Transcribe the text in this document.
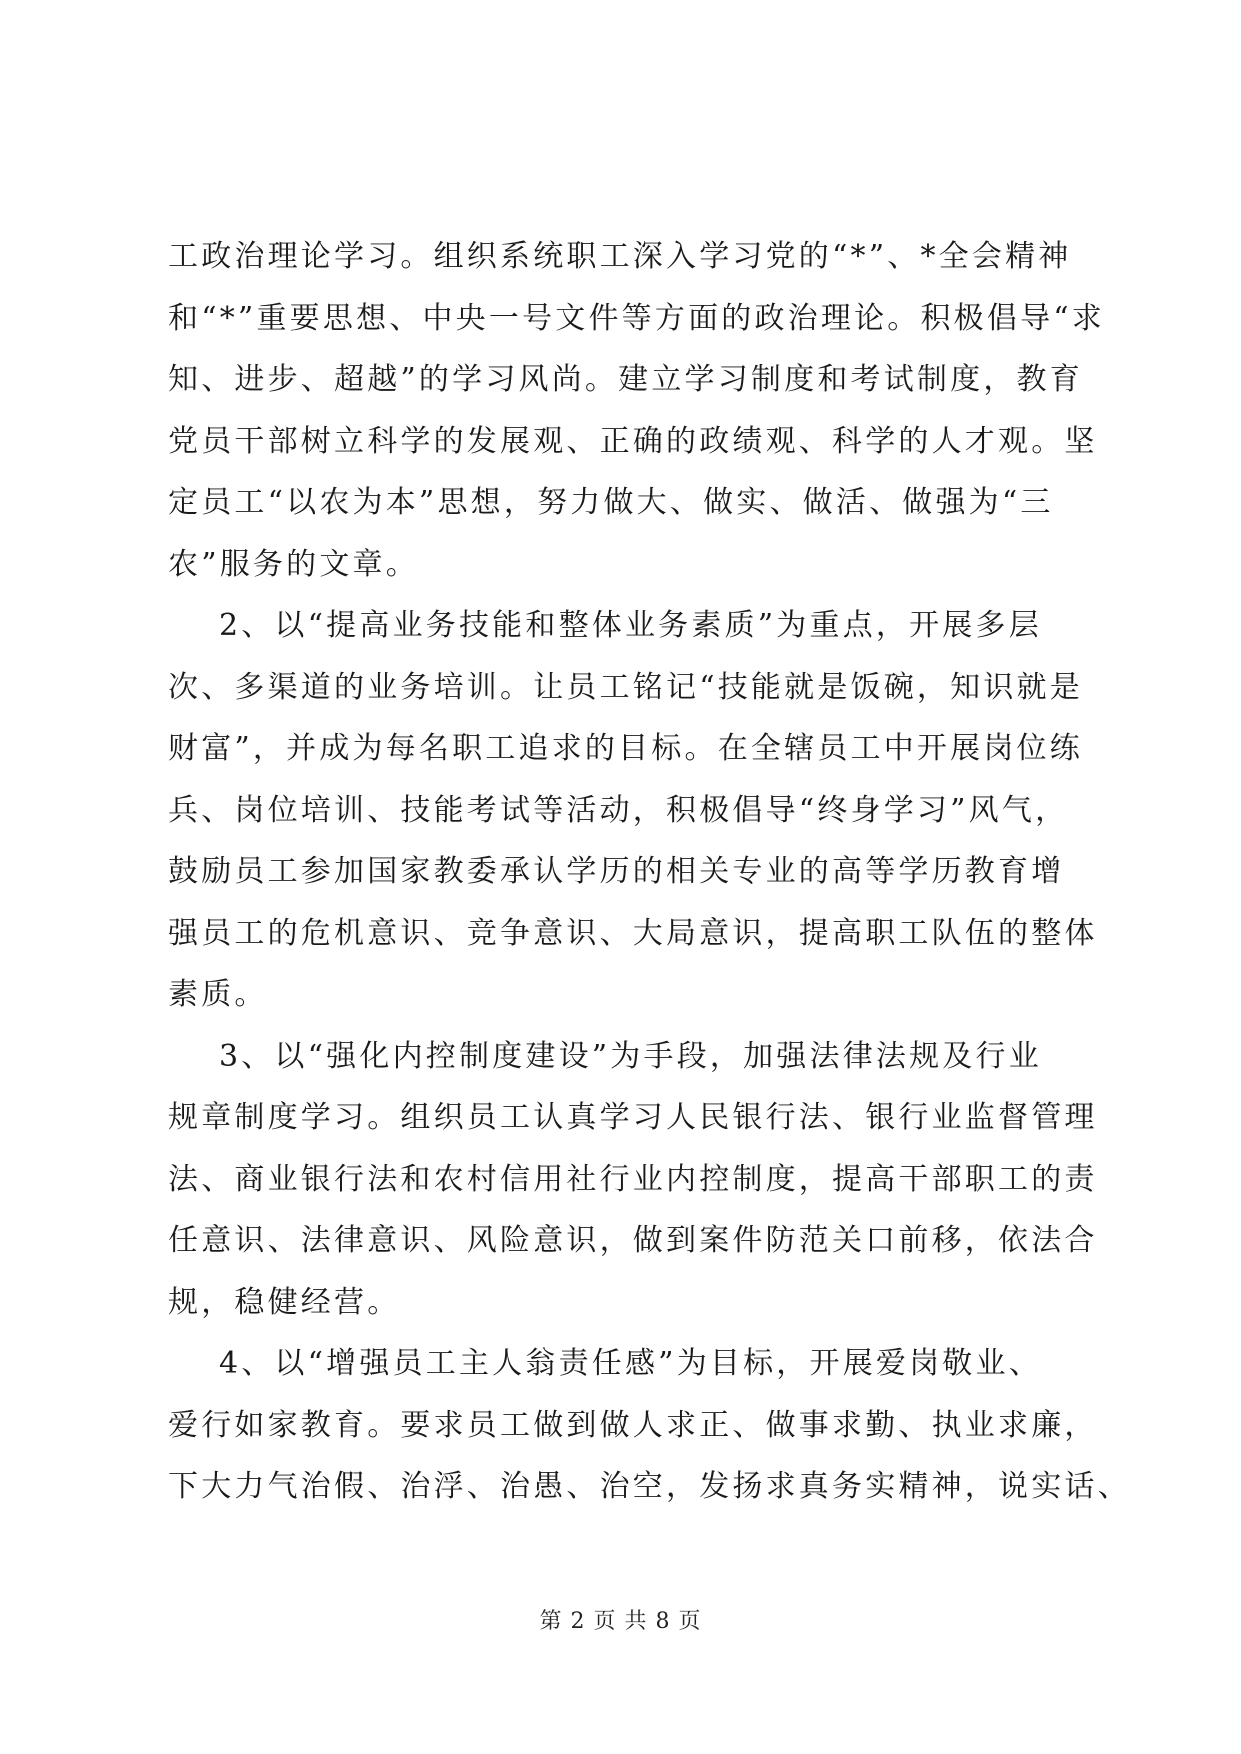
工政治理论学习。组织系统职工深入学习党的“*”、*全会精神
和“*”重要思想、中央一号文件等方面的政治理论。积极倡导“求
知、进步、超越”的学习风尚。建立学习制度和考试制度，教育
党员干部树立科学的发展观、正确的政绩观、科学的人才观。坚
定员工“以农为本”思想，努力做大、做实、做活、做强为“三
农”服务的文章。
2、以“提高业务技能和整体业务素质”为重点，开展多层
次、多渠道的业务培训。让员工铭记“技能就是饭碗，知识就是
财富”，并成为每名职工追求的目标。在全辖员工中开展岗位练
兵、岗位培训、技能考试等活动，积极倡导“终身学习”风气，
鼓励员工参加国家教委承认学历的相关专业的高等学历教育增
强员工的危机意识、竞争意识、大局意识，提高职工队伍的整体
素质。
3、以“强化内控制度建设”为手段，加强法律法规及行业
规章制度学习。组织员工认真学习人民银行法、银行业监督管理
法、商业银行法和农村信用社行业内控制度，提高干部职工的责
任意识、法律意识、风险意识，做到案件防范关口前移，依法合
规，稳健经营。
4、以“增强员工主人翁责任感”为目标，开展爱岗敬业、
爱行如家教育。要求员工做到做人求正、做事求勤、执业求廉，
下大力气治假、治浮、治愚、治空，发扬求真务实精神，说实话、
第 2 页 共 8 页
